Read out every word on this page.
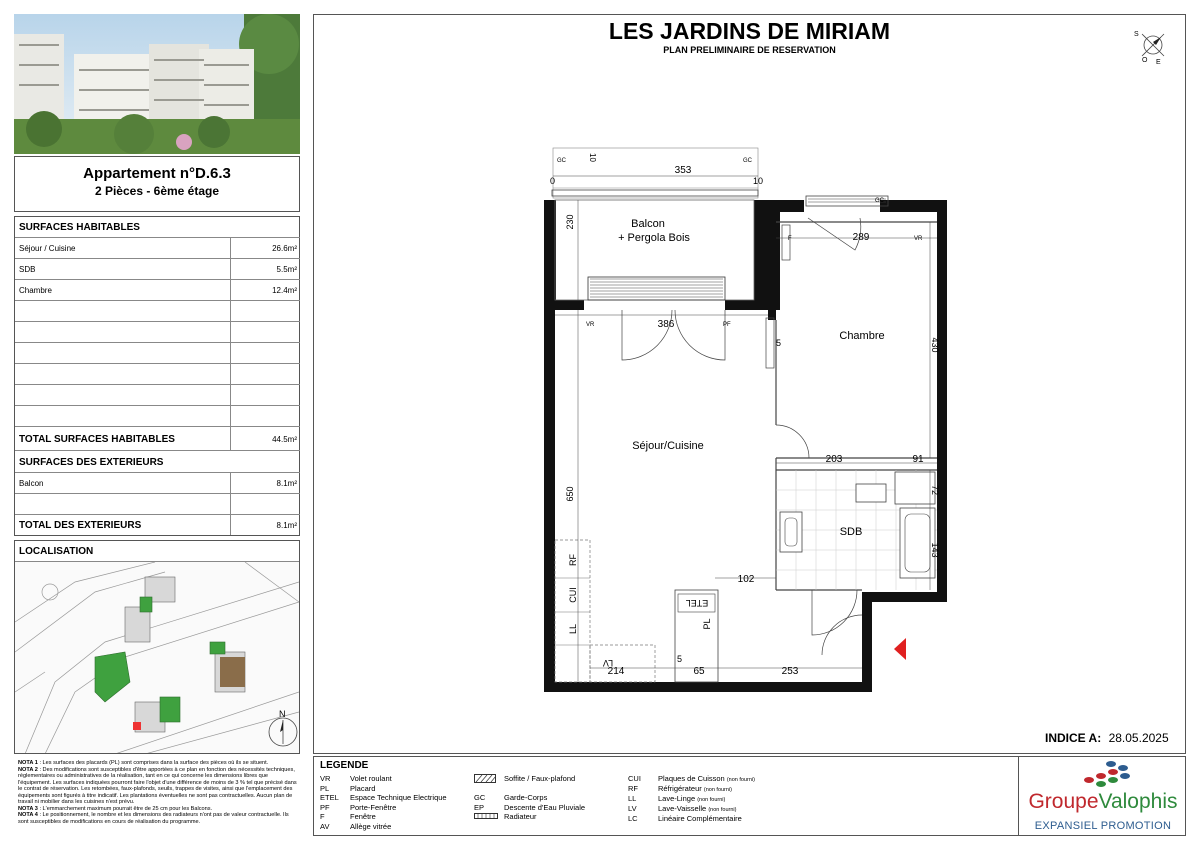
Appartement n°D.6.3
2 Pièces - 6ème étage
SURFACES HABITABLES
Séjour / Cuisine	26.6m²
SDB	5.5m²
Chambre	12.4m²
TOTAL SURFACES HABITABLES	44.5m²
SURFACES DES EXTERIEURS
Balcon	8.1m²
TOTAL DES EXTERIEURS	8.1m²
LOCALISATION
N
NOTA 1 : Les surfaces des placards (PL) sont comprises dans la surface des pièces où ils se situent.
NOTA 2 : Des modifications sont susceptibles d'être apportées à ce plan en fonction des nécessités techniques, réglementaires ou administratives de la réalisation, tant en ce qui concerne les dimensions libres que l'équipement. Les surfaces indiquées pourront faire l'objet d'une différence de moins de 3 % tel que précisé dans le contrat de réservation. Les retombées, faux-plafonds, seuils, trappes de visites, ainsi que l'emplacement des équipements sont figurés à titre indicatif. Les plantations éventuelles ne sont pas contractuelles. Aucun plan de travail ni mobilier dans les cuisines n'est prévu.
NOTA 3 : L'emmarchement maximum pourrait être de 25 cm pour les Balcons.
NOTA 4 : Le positionnement, le nombre et les dimensions des radiateurs n'ont pas de valeur contractuelle. Ils sont susceptibles de modifications en cours de réalisation du programme.
LES JARDINS DE MIRIAM
PLAN PRELIMINAIRE DE RESERVATION
S
E
O
Balcon
+ Pergola Bois
Chambre
Séjour/Cuisine
SDB
353
230
386
650
289
430
203	91
72
143
102
214	65	253
5
5
10
10
0
GC	GC
GC
VR	PF
F	VR
RF
CUI
LL
LV
ETEL
PL
INDICE A: 28.05.2025
LEGENDE
VR	Volet roulant
PL	Placard
ETEL Espace Technique Electrique
PF	Porte-Fenêtre
F	Fenêtre
AV	Allège vitrée
Soffite / Faux-plafond
GC	Garde-Corps
EP	Descente d'Eau Pluviale
Radiateur
CUI Plaques de Cuisson (non fourni)
RF	Réfrigérateur (non fourni)
LL	Lave-Linge (non fourni)
LV	Lave-Vaisselle (non fourni)
LC	Linéaire Complémentaire
GroupeValophis
EXPANSIEL PROMOTION
